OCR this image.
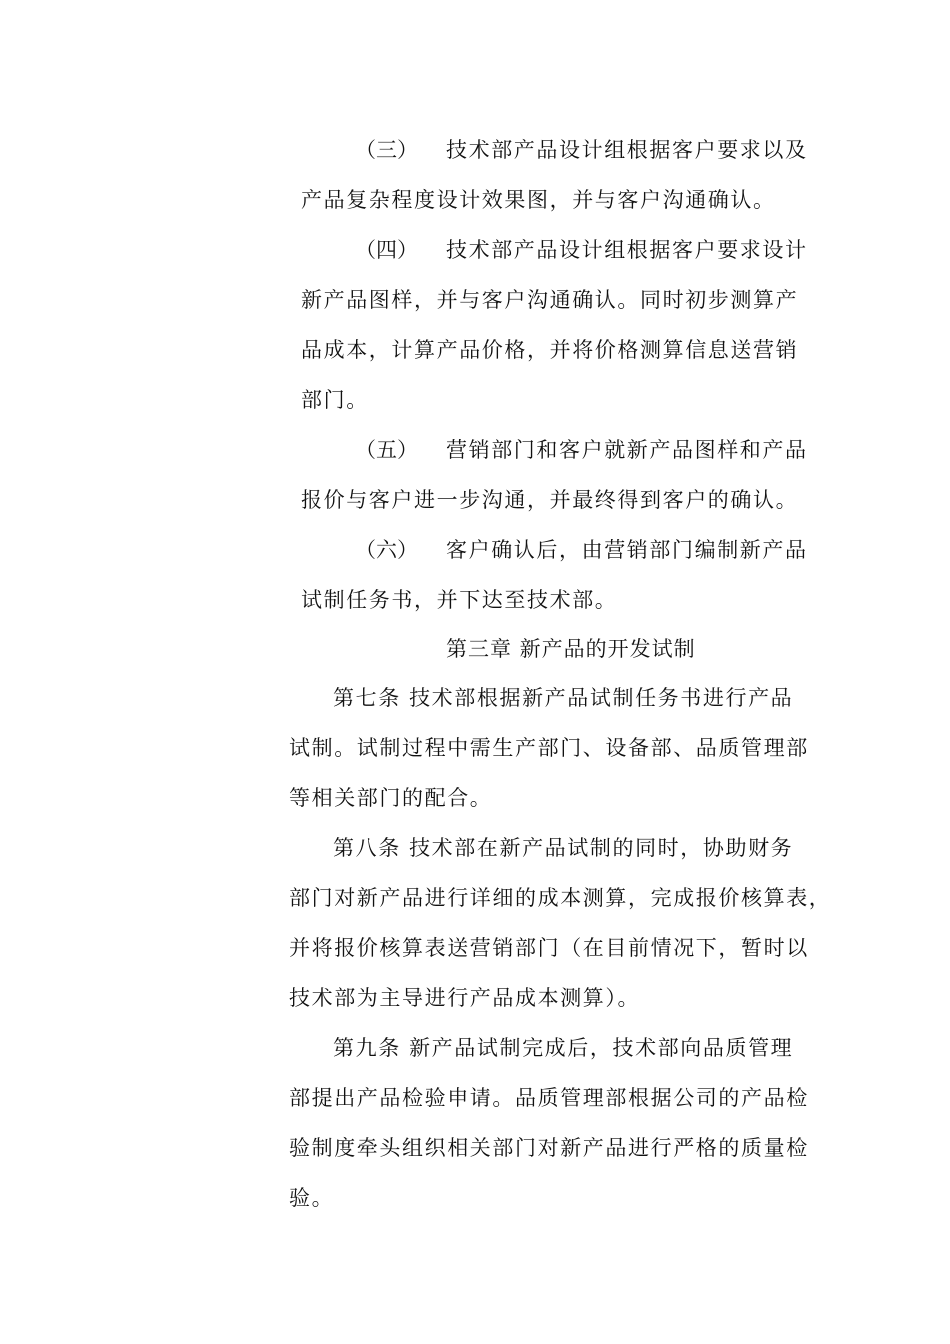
（三） 技术部产品设计组根据客户要求以及
产品复杂程度设计效果图，并与客户沟通确认。
（四） 技术部产品设计组根据客户要求设计
新产品图样，并与客户沟通确认。同时初步测算产
品成本，计算产品价格，并将价格测算信息送营销
部门。
（五） 营销部门和客户就新产品图样和产品
报价与客户进一步沟通，并最终得到客户的确认。
（六） 客户确认后，由营销部门编制新产品
试制任务书，并下达至技术部。
第三章 新产品的开发试制
第七条 技术部根据新产品试制任务书进行产品
试制。试制过程中需生产部门、设备部、品质管理部
等相关部门的配合。
第八条 技术部在新产品试制的同时，协助财务
部门对新产品进行详细的成本测算，完成报价核算表，
并将报价核算表送营销部门（在目前情况下，暂时以
技术部为主导进行产品成本测算）。
第九条 新产品试制完成后，技术部向品质管理
部提出产品检验申请。品质管理部根据公司的产品检
验制度牵头组织相关部门对新产品进行严格的质量检
验。
